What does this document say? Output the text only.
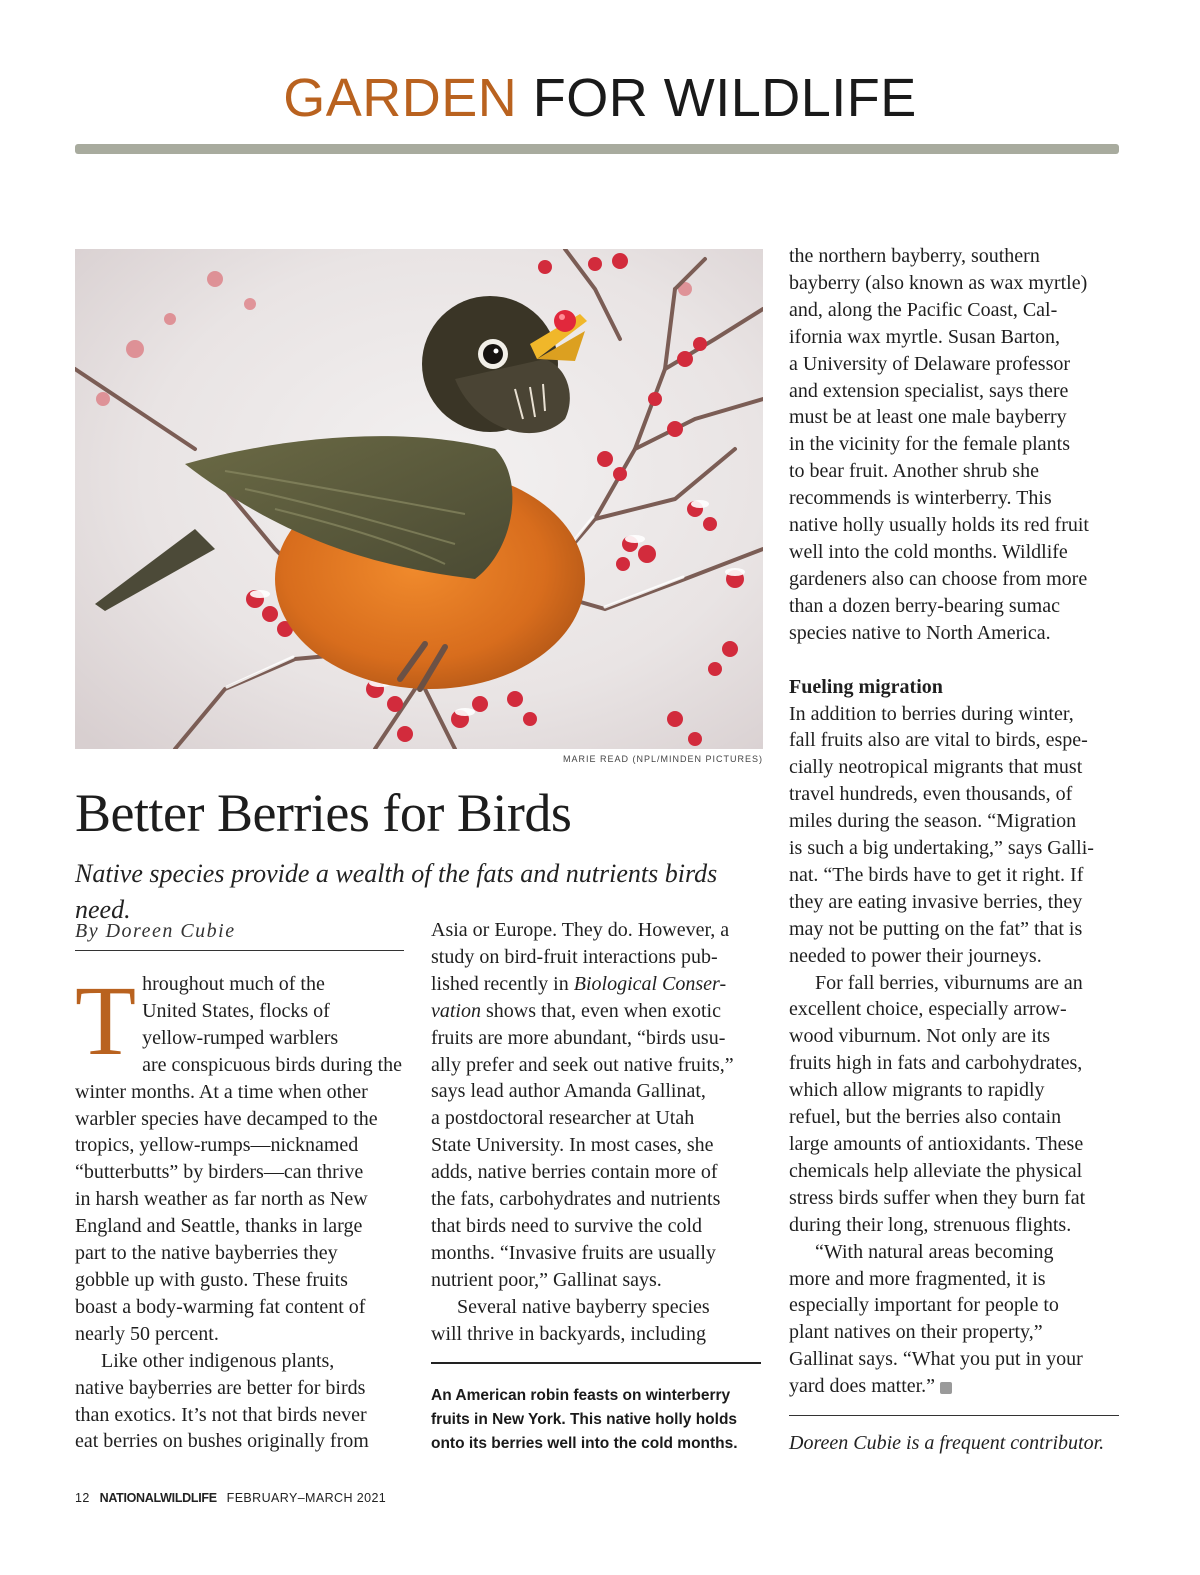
GARDEN FOR WILDLIFE
MARIE READ (NPL/MINDEN PICTURES)
Better Berries for Birds
Native species provide a wealth of the fats and nutrients birds need.
By Doreen Cubie

Throughout much of the
United States, flocks of
yellow-rumped warblers
are conspicuous birds during the
winter months. At a time when other
warbler species have decamped to the
tropics, yellow-rumps—nicknamed
“butterbutts” by birders—can thrive
in harsh weather as far north as New
England and Seattle, thanks in large
part to the native bayberries they
gobble up with gusto. These fruits
boast a body-warming fat content of
nearly 50 percent.

Like other indigenous plants,
native bayberries are better for birds
than exotics. It’s not that birds never
eat berries on bushes originally from

Asia or Europe. They do. However, a
study on bird-fruit interactions pub-
lished recently in Biological Conser-
vation shows that, even when exotic
fruits are more abundant, “birds usu-
ally prefer and seek out native fruits,”
says lead author Amanda Gallinat,
a postdoctoral researcher at Utah
State University. In most cases, she
adds, native berries contain more of
the fats, carbohydrates and nutrients
that birds need to survive the cold
months. “Invasive fruits are usually
nutrient poor,” Gallinat says.

Several native bayberry species
will thrive in backyards, including

An American robin feasts on winterberry
fruits in New York. This native holly holds
onto its berries well into the cold months.

the northern bayberry, southern
bayberry (also known as wax myrtle)
and, along the Pacific Coast, Cal-
ifornia wax myrtle. Susan Barton,
a University of Delaware professor
and extension specialist, says there
must be at least one male bayberry
in the vicinity for the female plants
to bear fruit. Another shrub she
recommends is winterberry. This
native holly usually holds its red fruit
well into the cold months. Wildlife
gardeners also can choose from more
than a dozen berry-bearing sumac
species native to North America.

Fueling migration

In addition to berries during winter,
fall fruits also are vital to birds, espe-
cially neotropical migrants that must
travel hundreds, even thousands, of
miles during the season. “Migration
is such a big undertaking,” says Galli-
nat. “The birds have to get it right. If
they are eating invasive berries, they
may not be putting on the fat” that is
needed to power their journeys.

For fall berries, viburnums are an
excellent choice, especially arrow-
wood viburnum. Not only are its
fruits high in fats and carbohydrates,
which allow migrants to rapidly
refuel, but the berries also contain
large amounts of antioxidants. These
chemicals help alleviate the physical
stress birds suffer when they burn fat
during their long, strenuous flights.

“With natural areas becoming
more and more fragmented, it is
especially important for people to
plant natives on their property,”
Gallinat says. “What you put in your
yard does matter.”	W

Doreen Cubie is a frequent contributor.
12 NATIONALWILDLIFE FEBRUARY–MARCH 2021
